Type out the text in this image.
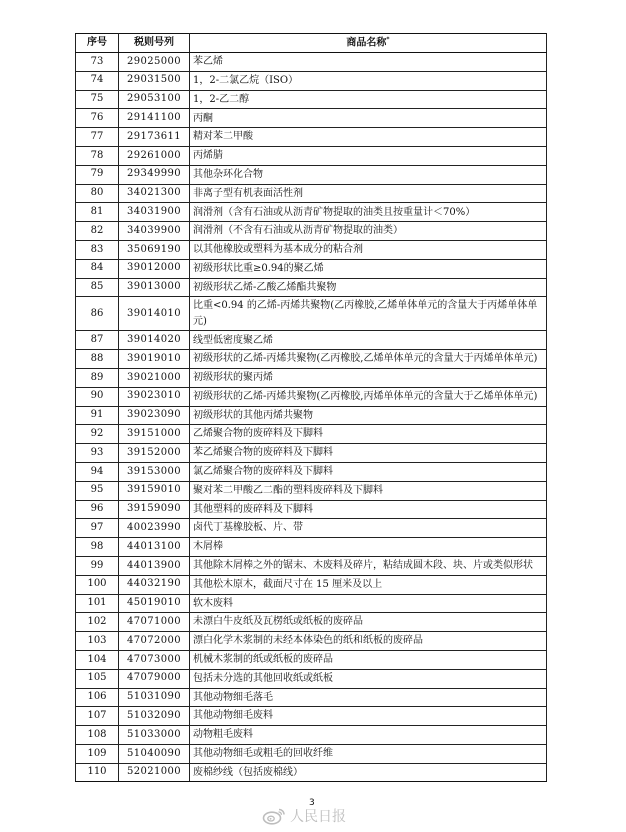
序号	税则号列	商品名称*
73	29025000	苯乙烯
74	29031500	1，2-二氯乙烷（ISO）
75	29053100	1，2-乙二醇
76	29141100	丙酮
77	29173611	精对苯二甲酸
78	29261000	丙烯腈
79	29349990	其他杂环化合物
80	34021300	非离子型有机表面活性剂
81	34031900	润滑剂（含有石油或从沥青矿物提取的油类且按重量计＜70%）
82	34039900	润滑剂（不含有石油或从沥青矿物提取的油类）
83	35069190	以其他橡胶或塑料为基本成分的粘合剂
84	39012000	初级形状比重≥0.94的聚乙烯
85	39013000	初级形状乙烯-乙酸乙烯酯共聚物
86	39014010	比重<0.94 的乙烯-丙烯共聚物(乙丙橡胶,乙烯单体单元的含量大于丙烯单体单元)
87	39014020	线型低密度聚乙烯
88	39019010	初级形状的乙烯-丙烯共聚物(乙丙橡胶,乙烯单体单元的含量大于丙烯单体单元)
89	39021000	初级形状的聚丙烯
90	39023010	初级形状的乙烯-丙烯共聚物(乙丙橡胶,丙烯单体单元的含量大于乙烯单体单元)
91	39023090	初级形状的其他丙烯共聚物
92	39151000	乙烯聚合物的废碎料及下脚料
93	39152000	苯乙烯聚合物的废碎料及下脚料
94	39153000	氯乙烯聚合物的废碎料及下脚料
95	39159010	聚对苯二甲酸乙二酯的塑料废碎料及下脚料
96	39159090	其他塑料的废碎料及下脚料
97	40023990	卤代丁基橡胶板、片、带
98	44013100	木屑棒
99	44013900	其他除木屑棒之外的锯末、木废料及碎片，粘结成圆木段、块、片或类似形状
100	44032190	其他松木原木，截面尺寸在 15 厘米及以上
101	45019010	软木废料
102	47071000	未漂白牛皮纸及瓦楞纸或纸板的废碎品
103	47072000	漂白化学木浆制的未经本体染色的纸和纸板的废碎品
104	47073000	机械木浆制的纸或纸板的废碎品
105	47079000	包括未分选的其他回收纸或纸板
106	51031090	其他动物细毛落毛
107	51032090	其他动物细毛废料
108	51033000	动物粗毛废料
109	51040090	其他动物细毛或粗毛的回收纤维
110	52021000	废棉纱线（包括废棉线）
3
人民日报
